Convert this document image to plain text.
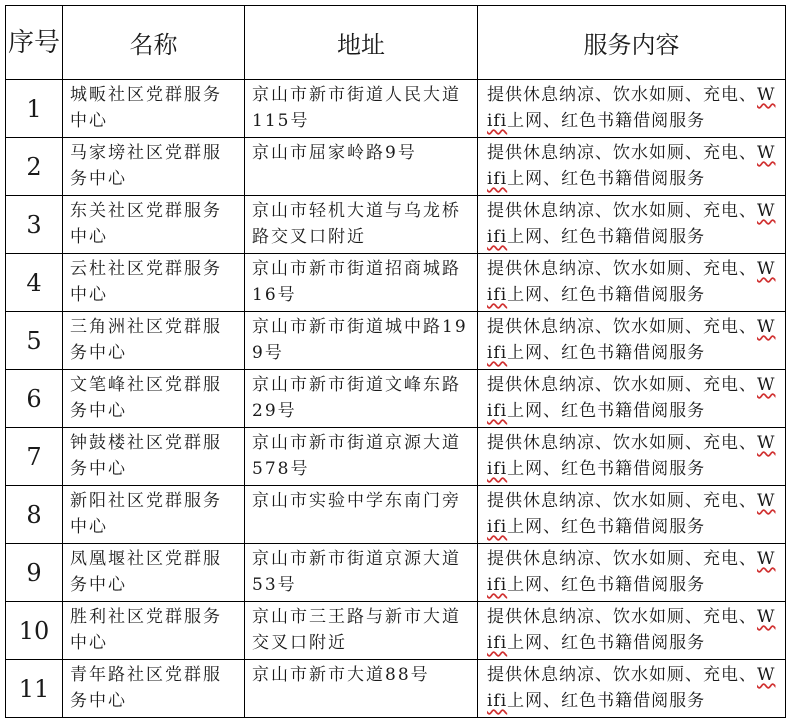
序号	名称	地址	服务内容
1	城畈社区党群服务中心	京山市新市街道人民大道115号	提供休息纳凉、饮水如厕、充电、Wifi上网、红色书籍借阅服务
2	马家塝社区党群服务中心	京山市屈家岭路9号	提供休息纳凉、饮水如厕、充电、Wifi上网、红色书籍借阅服务
3	东关社区党群服务中心	京山市轻机大道与乌龙桥路交叉口附近	提供休息纳凉、饮水如厕、充电、Wifi上网、红色书籍借阅服务
4	云杜社区党群服务中心	京山市新市街道招商城路16号	提供休息纳凉、饮水如厕、充电、Wifi上网、红色书籍借阅服务
5	三角洲社区党群服务中心	京山市新市街道城中路199号	提供休息纳凉、饮水如厕、充电、Wifi上网、红色书籍借阅服务
6	文笔峰社区党群服务中心	京山市新市街道文峰东路29号	提供休息纳凉、饮水如厕、充电、Wifi上网、红色书籍借阅服务
7	钟鼓楼社区党群服务中心	京山市新市街道京源大道578号	提供休息纳凉、饮水如厕、充电、Wifi上网、红色书籍借阅服务
8	新阳社区党群服务中心	京山市实验中学东南门旁	提供休息纳凉、饮水如厕、充电、Wifi上网、红色书籍借阅服务
9	凤凰堰社区党群服务中心	京山市新市街道京源大道53号	提供休息纳凉、饮水如厕、充电、Wifi上网、红色书籍借阅服务
10	胜利社区党群服务中心	京山市三王路与新市大道交叉口附近	提供休息纳凉、饮水如厕、充电、Wifi上网、红色书籍借阅服务
11	青年路社区党群服务中心	京山市新市大道88号	提供休息纳凉、饮水如厕、充电、Wifi上网、红色书籍借阅服务
